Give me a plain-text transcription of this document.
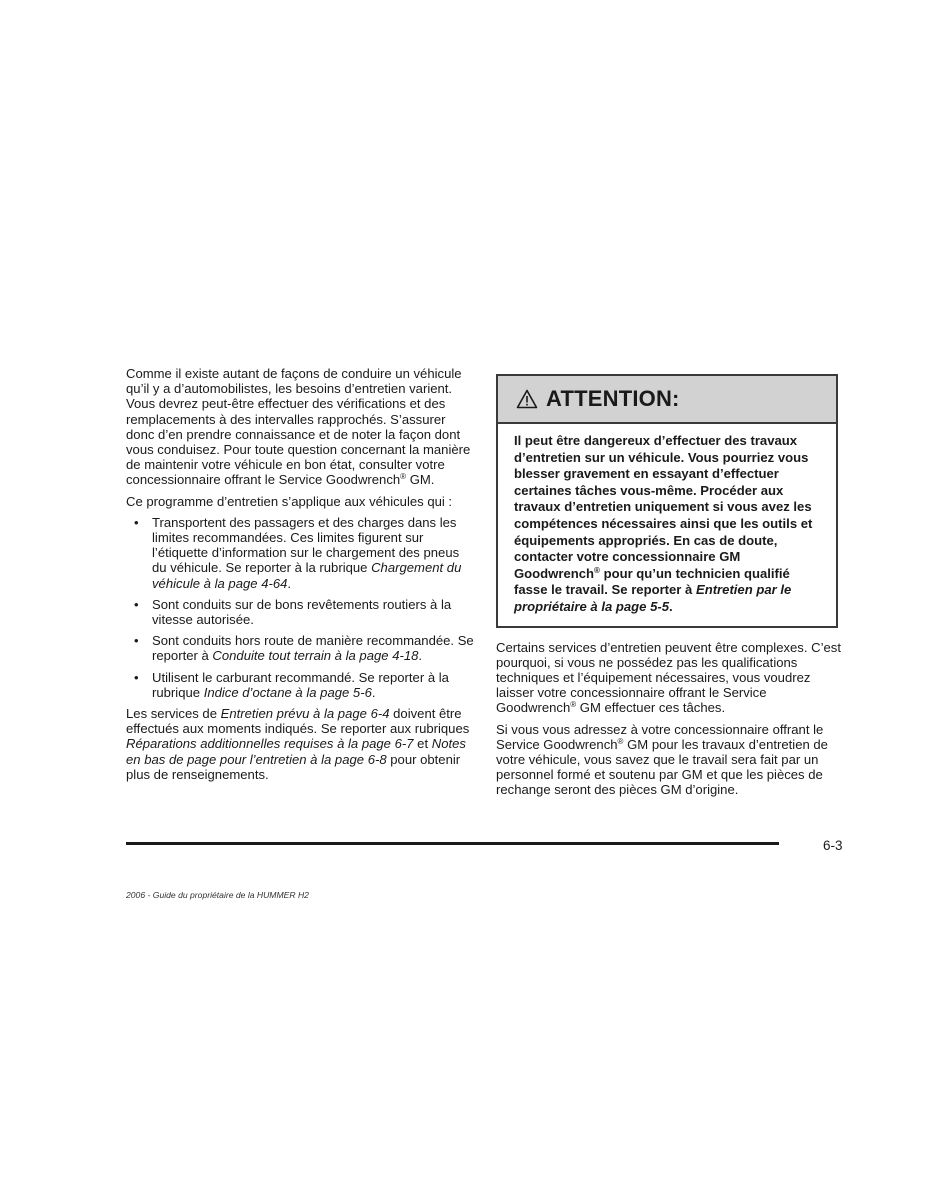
Comme il existe autant de façons de conduire un véhicule qu’il y a d’automobilistes, les besoins d’entretien varient. Vous devrez peut-être effectuer des vérifications et des remplacements à des intervalles rapprochés. S’assurer donc d’en prendre connaissance et de noter la façon dont vous conduisez. Pour toute question concernant la manière de maintenir votre véhicule en bon état, consulter votre concessionnaire offrant le Service Goodwrench® GM.

Ce programme d’entretien s’applique aux véhicules qui :

• Transportent des passagers et des charges dans les limites recommandées. Ces limites figurent sur l’étiquette d’information sur le chargement des pneus du véhicule. Se reporter à la rubrique Chargement du véhicule à la page 4-64.
• Sont conduits sur de bons revêtements routiers à la vitesse autorisée.
• Sont conduits hors route de manière recommandée. Se reporter à Conduite tout terrain à la page 4-18.
• Utilisent le carburant recommandé. Se reporter à la rubrique Indice d’octane à la page 5-6.

Les services de Entretien prévu à la page 6-4 doivent être effectués aux moments indiqués. Se reporter aux rubriques Réparations additionnelles requises à la page 6-7 et Notes en bas de page pour l’entretien à la page 6-8 pour obtenir plus de renseignements.

ATTENTION:
Il peut être dangereux d’effectuer des travaux d’entretien sur un véhicule. Vous pourriez vous blesser gravement en essayant d’effectuer certaines tâches vous-même. Procéder aux travaux d’entretien uniquement si vous avez les compétences nécessaires ainsi que les outils et équipements appropriés. En cas de doute, contacter votre concessionnaire GM Goodwrench® pour qu’un technicien qualifié fasse le travail. Se reporter à Entretien par le propriétaire à la page 5-5.

Certains services d’entretien peuvent être complexes. C’est pourquoi, si vous ne possédez pas les qualifications techniques et l’équipement nécessaires, vous voudrez laisser votre concessionnaire offrant le Service Goodwrench® GM effectuer ces tâches.

Si vous vous adressez à votre concessionnaire offrant le Service Goodwrench® GM pour les travaux d’entretien de votre véhicule, vous savez que le travail sera fait par un personnel formé et soutenu par GM et que les pièces de rechange seront des pièces GM d’origine.

6-3
2006 - Guide du propriétaire de la HUMMER H2
